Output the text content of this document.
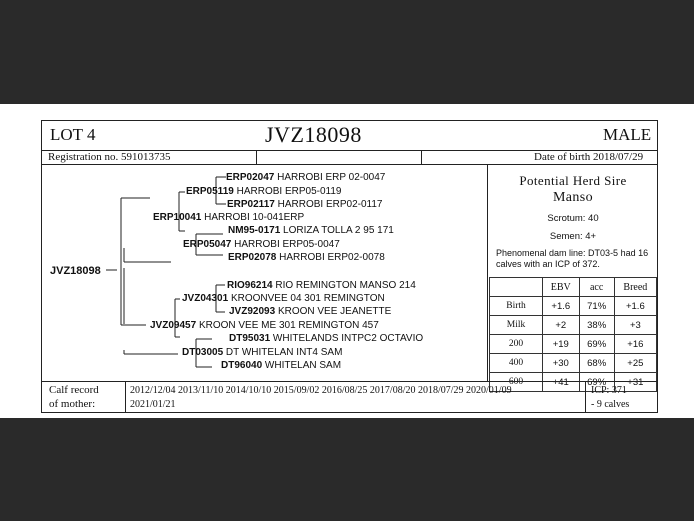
LOT 4	JVZ18098	MALE
Registration no. 591013735	Date of birth 2018/07/29
JVZ18098
ERP02047 HARROBI ERP 02-0047
ERP05119 HARROBI ERP05-0119
ERP02117 HARROBI ERP02-0117
ERP10041 HARROBI 10-041ERP
NM95-0171 LORIZA TOLLA 2 95 171
ERP05047 HARROBI ERP05-0047
ERP02078 HARROBI ERP02-0078
RIO96214 RIO REMINGTON MANSO 214
JVZ04301 KROONVEE 04 301 REMINGTON
JVZ92093 KROON VEE JEANETTE
JVZ09457 KROON VEE ME 301 REMINGTON 457
DT95031 WHITELANDS INTPC2 OCTAVIO
DT03005 DT WHITELAN INT4 SAM
DT96040 WHITELAN SAM
Potential Herd Sire
Manso
Scrotum: 40
Semen: 4+
Phenomenal dam line: DT03-5 had 16 calves with an ICP of 372.
	EBV	acc	Breed
Birth	+1.6	71%	+1.6
Milk	+2	38%	+3
200	+19	69%	+16
400	+30	68%	+25
600	+41	69%	+31
Calf record
of mother:
2012/12/04 2013/11/10 2014/10/10 2015/09/02 2016/08/25 2017/08/20 2018/07/29 2020/01/09
2021/01/21
ICP: 371
- 9 calves
